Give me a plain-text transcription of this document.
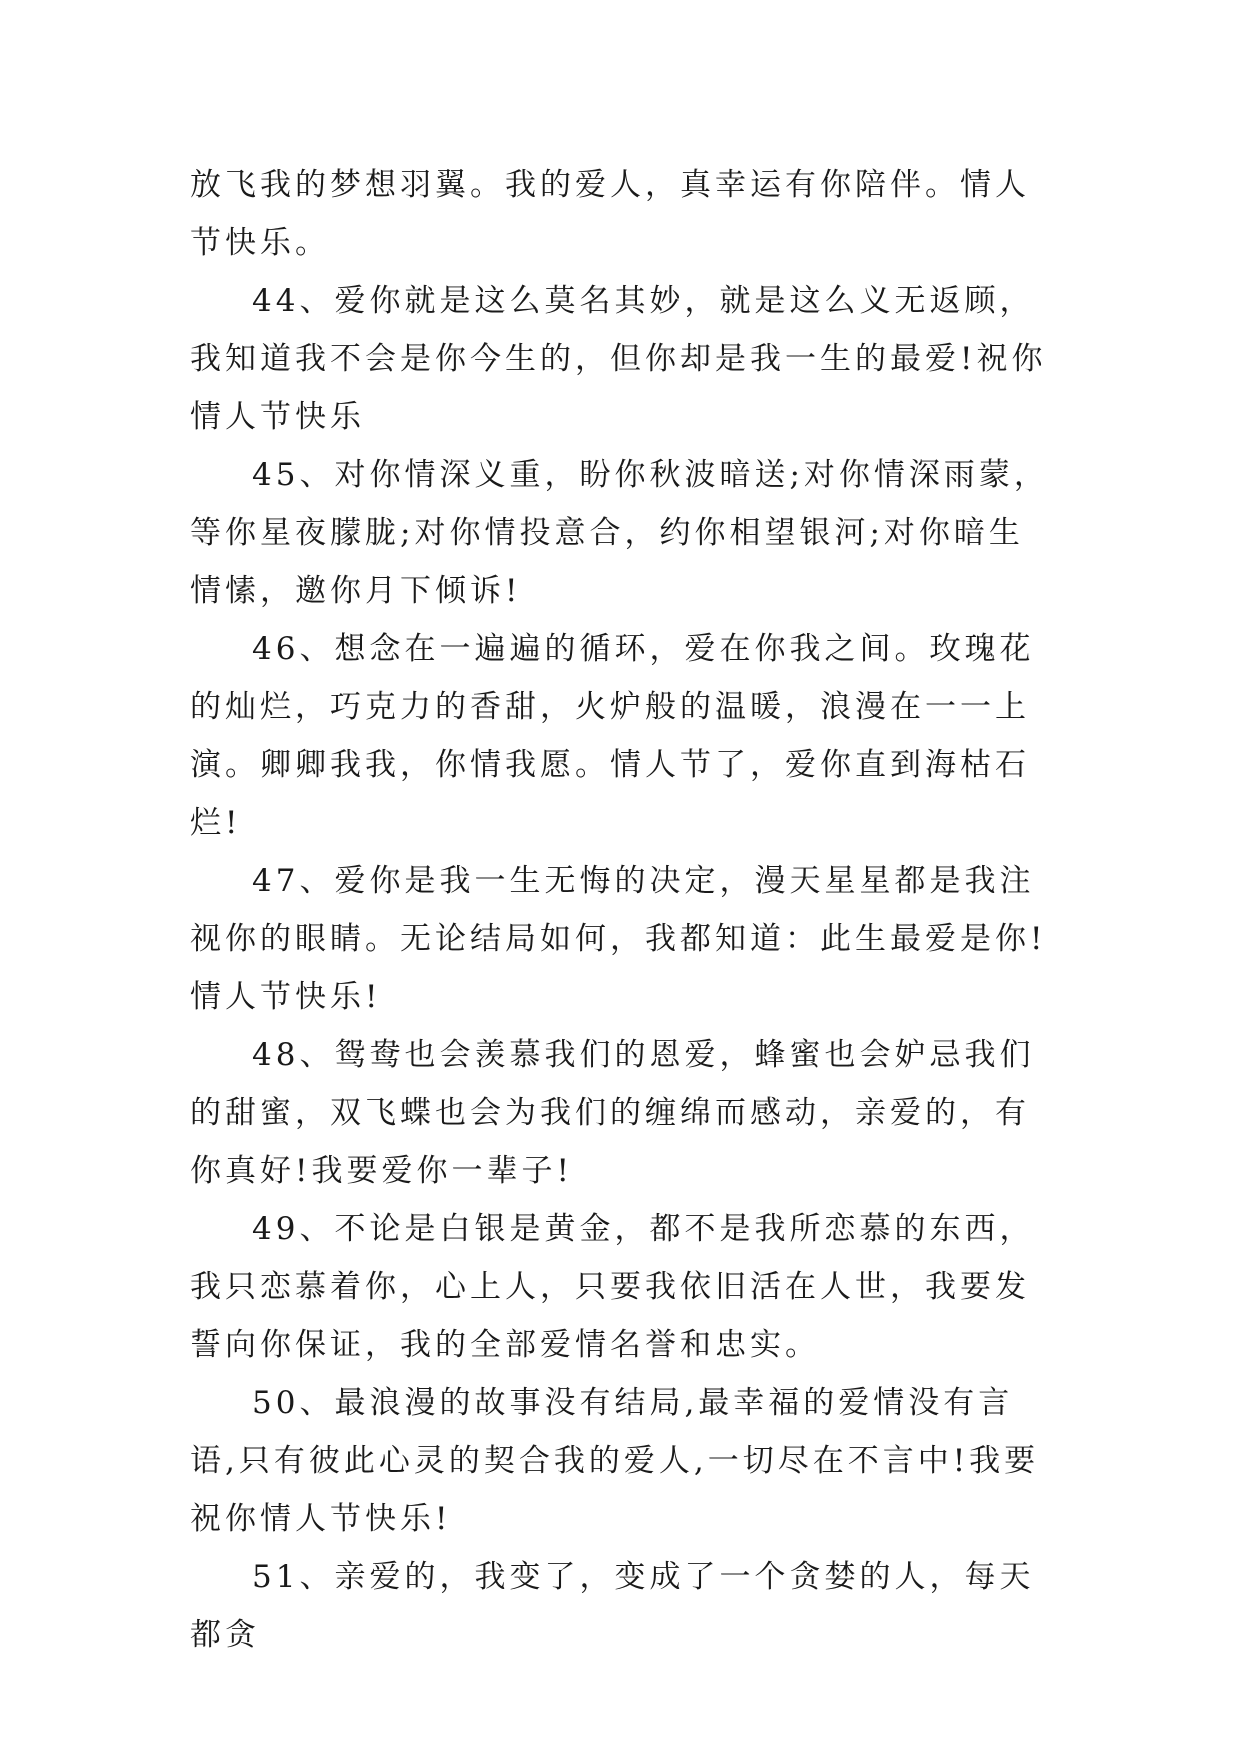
放飞我的梦想羽翼。我的爱人，真幸运有你陪伴。情人节快乐。

44、爱你就是这么莫名其妙，就是这么义无返顾，我知道我不会是你今生的，但你却是我一生的最爱!祝你情人节快乐

45、对你情深义重，盼你秋波暗送;对你情深雨蒙，等你星夜朦胧;对你情投意合，约你相望银河;对你暗生情愫，邀你月下倾诉!

46、想念在一遍遍的循环，爱在你我之间。玫瑰花的灿烂，巧克力的香甜，火炉般的温暖，浪漫在一一上演。卿卿我我，你情我愿。情人节了，爱你直到海枯石烂!

47、爱你是我一生无悔的决定，漫天星星都是我注视你的眼睛。无论结局如何，我都知道：此生最爱是你!情人节快乐!

48、鸳鸯也会羡慕我们的恩爱，蜂蜜也会妒忌我们的甜蜜，双飞蝶也会为我们的缠绵而感动，亲爱的，有你真好!我要爱你一辈子!

49、不论是白银是黄金，都不是我所恋慕的东西，我只恋慕着你，心上人，只要我依旧活在人世，我要发誓向你保证，我的全部爱情名誉和忠实。

50、最浪漫的故事没有结局,最幸福的爱情没有言语,只有彼此心灵的契合我的爱人,一切尽在不言中!我要祝你情人节快乐!

51、亲爱的，我变了，变成了一个贪婪的人，每天都贪
